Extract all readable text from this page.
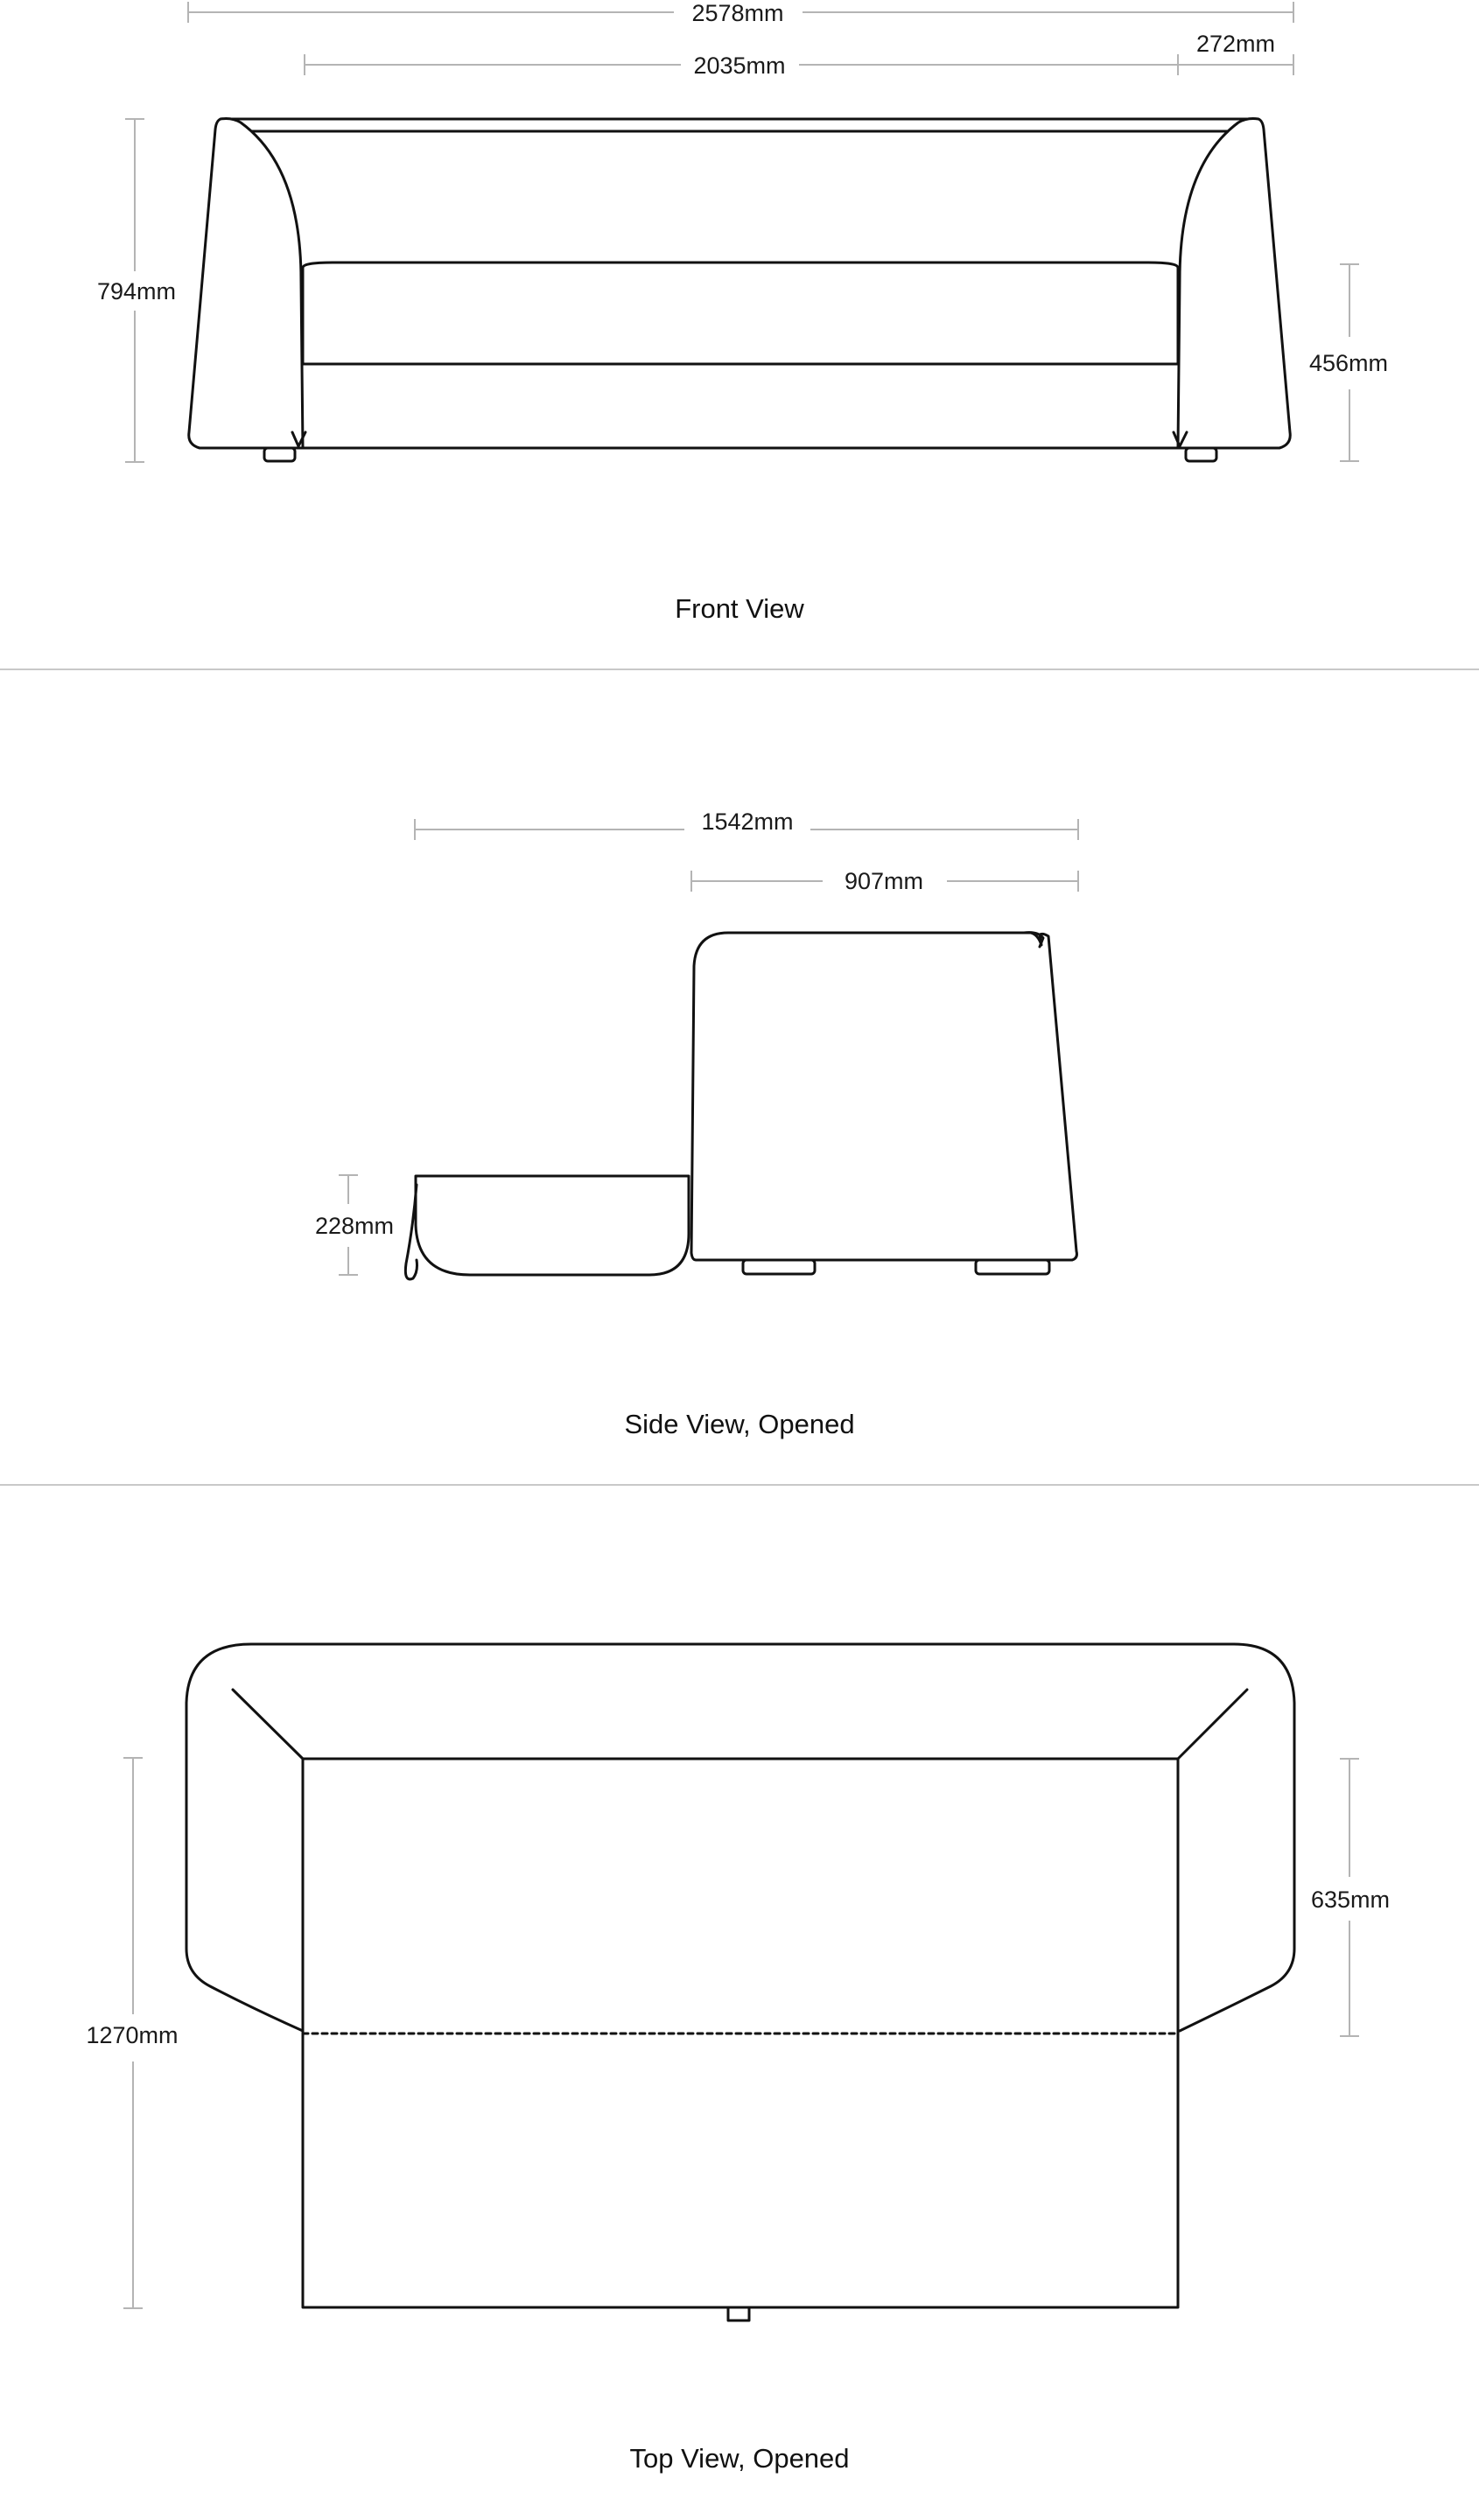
2578mm
2035mm
272mm
794mm
456mm
Front View
1542mm
907mm
228mm
Side View, Opened
1270mm
635mm
Top View, Opened
